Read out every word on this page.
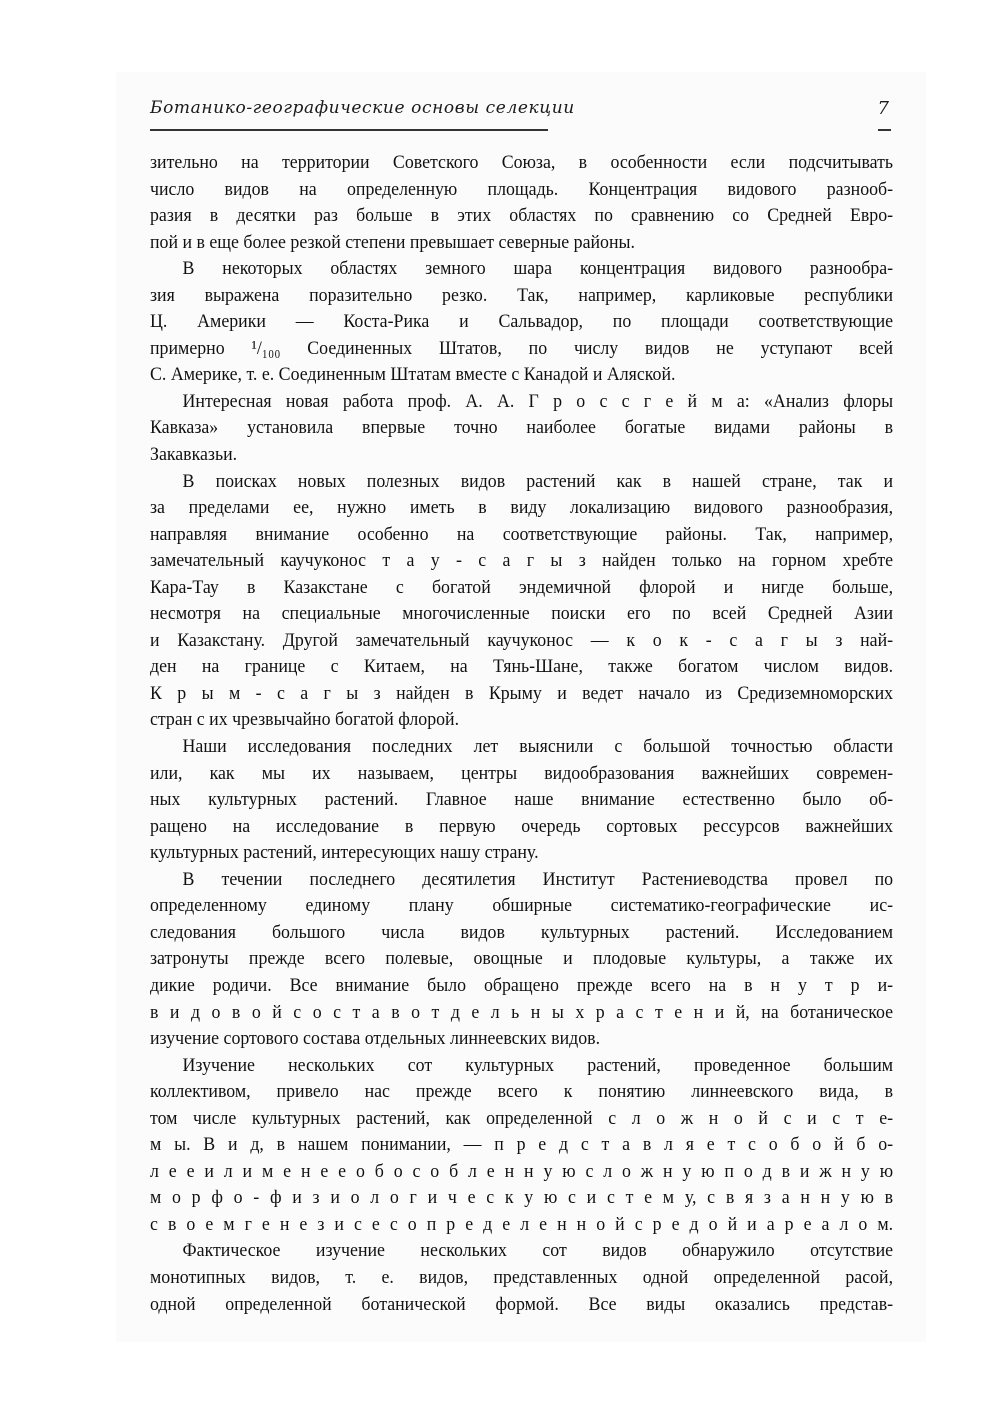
Ботанико-географические основы селекции	7
зительно на территории Советского Союза, в особенности если подсчитывать
число видов на определенную площадь. Концентрация видового разнооб-
разия в десятки раз больше в этих областях по сравнению со Средней Евро-
пой и в еще более резкой степени превышает северные районы.
В некоторых областях земного шара концентрация видового разнообра-
зия выражена поразительно резко. Так, например, карликовые республики
Ц. Америки — Коста-Рика и Сальвадор, по площади соответствующие
примерно ¹/₁₀₀ Соединенных Штатов, по числу видов не уступают всей
С. Америке, т. е. Соединенным Штатам вместе с Канадой и Аляской.
Интересная новая работа проф. А. А. Г р о с с г е й м а: «Анализ флоры
Кавказа» установила впервые точно наиболее богатые видами районы в
Закавказьи.
В поисках новых полезных видов растений как в нашей стране, так и
за пределами ее, нужно иметь в виду локализацию видового разнообразия,
направляя внимание особенно на соответствующие районы. Так, например,
замечательный каучуконос т а у - с а г ы з найден только на горном хребте
Кара-Тау в Казакстане с богатой эндемичной флорой и нигде больше,
несмотря на специальные многочисленные поиски его по всей Средней Азии
и Казакстану. Другой замечательный каучуконос — к о к - с а г ы з най-
ден на границе с Китаем, на Тянь-Шане, также богатом числом видов.
К р ы м - с а г ы з найден в Крыму и ведет начало из Средиземноморских
стран с их чрезвычайно богатой флорой.
Наши исследования последних лет выяснили с большой точностью области
или, как мы их называем, центры видообразования важнейших современ-
ных культурных растений. Главное наше внимание естественно было об-
ращено на исследование в первую очередь сортовых ресcурсов важнейших
культурных растений, интересующих нашу страну.
В течении последнего десятилетия Институт Растениеводства провел по
определенному единому плану обширные систематико-географические ис-
следования большого числа видов культурных растений. Исследованием
затронуты прежде всего полевые, овощные и плодовые культуры, а также их
дикие родичи. Все внимание было обращено прежде всего на в н у т р и-
в и д о в о й с о с т а в о т д е л ь н ы х р а с т е н и й, на ботаническое
изучение сортового состава отдельных линнеевских видов.
Изучение нескольких сот культурных растений, проведенное большим
коллективом, привело нас прежде всего к понятию линнеевского вида, в
том числе культурных растений, как определенной с л о ж н о й с и с т е-
м ы. В и д, в нашем понимании, — п р е д с т а в л я е т с о б о й б о-
л е е и л и м е н е е о б о с о б л е н н у ю с л о ж н у ю п о д в и ж н у ю
м о р ф о - ф и з и о л о г и ч е с к у ю с и с т е м у, с в я з а н н у ю в
с в о е м г е н е з и с е с о п р е д е л е н н о й с р е д о й и а р е а л о м.
Фактическое изучение нескольких сот видов обнаружило отсутствие
монотипных видов, т. е. видов, представленных одной определенной расой,
одной определенной ботанической формой. Все виды оказались представ-
